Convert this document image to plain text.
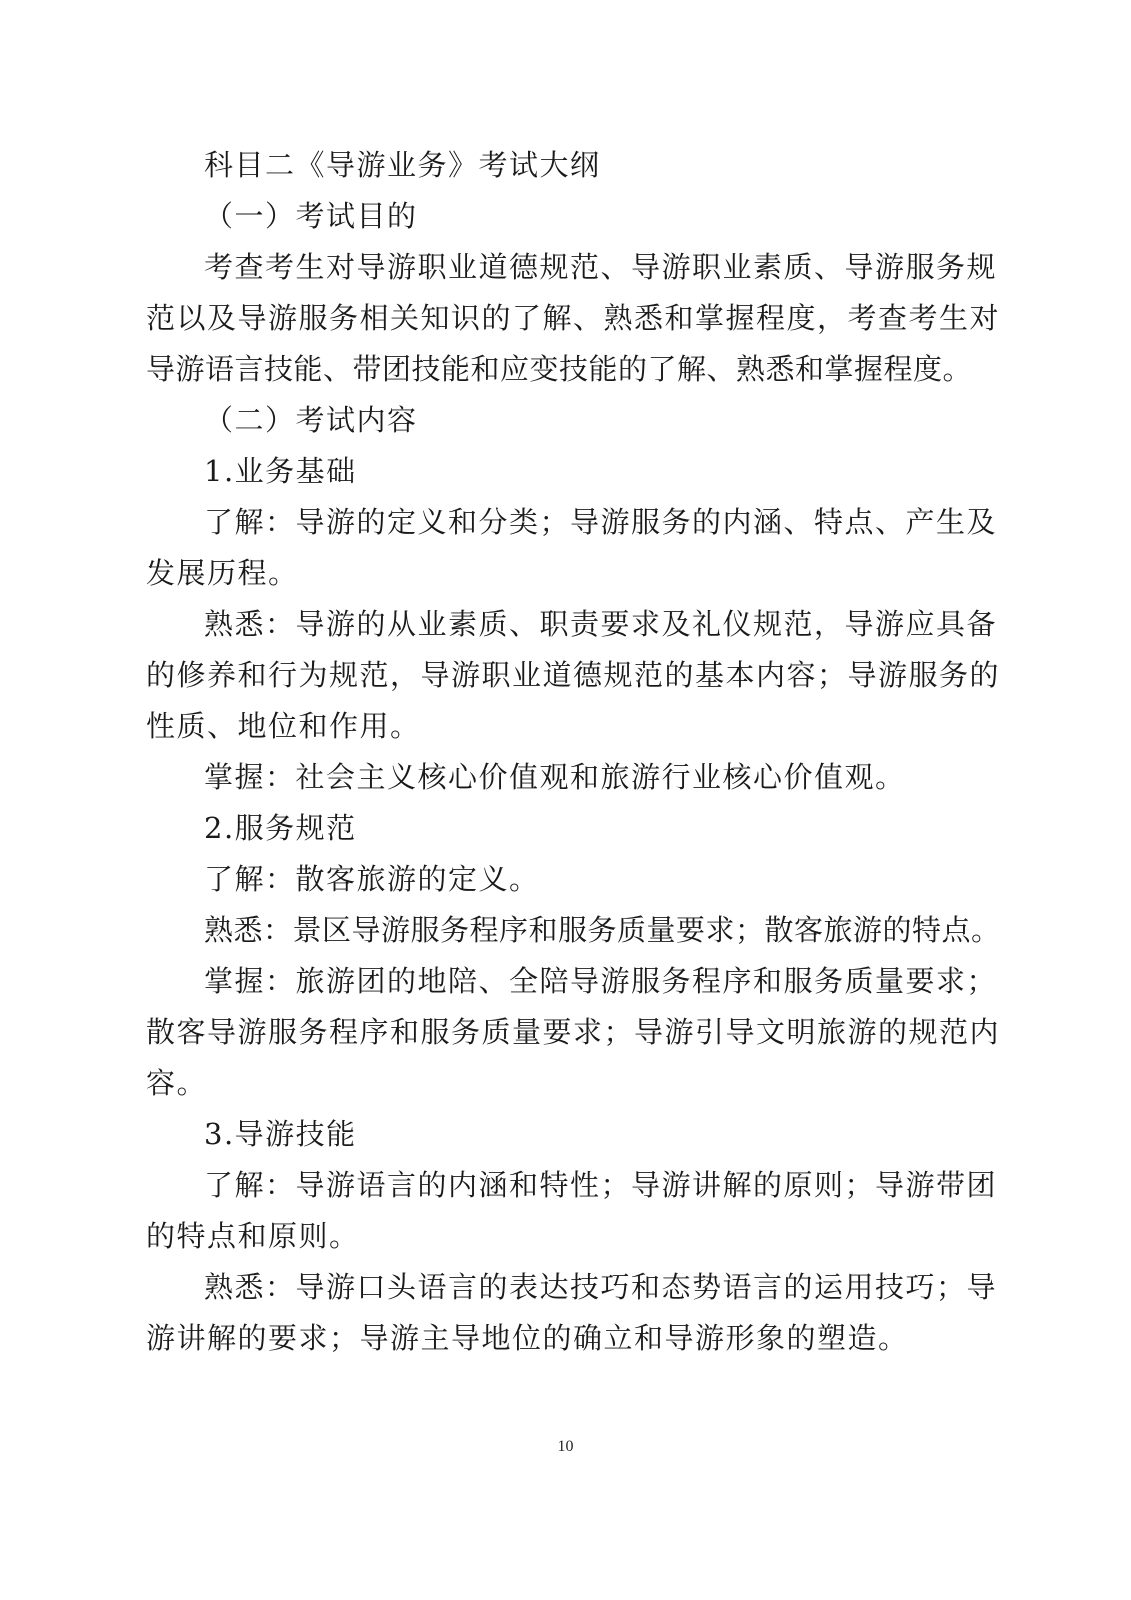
科目二《导游业务》考试大纲
（一）考试目的
考查考生对导游职业道德规范、导游职业素质、导游服务规
范以及导游服务相关知识的了解、熟悉和掌握程度，考查考生对
导游语言技能、带团技能和应变技能的了解、熟悉和掌握程度。
（二）考试内容
1.业务基础
了解：导游的定义和分类；导游服务的内涵、特点、产生及
发展历程。
熟悉：导游的从业素质、职责要求及礼仪规范，导游应具备
的修养和行为规范，导游职业道德规范的基本内容；导游服务的
性质、地位和作用。
掌握：社会主义核心价值观和旅游行业核心价值观。
2.服务规范
了解：散客旅游的定义。
熟悉：景区导游服务程序和服务质量要求；散客旅游的特点。
掌握：旅游团的地陪、全陪导游服务程序和服务质量要求；
散客导游服务程序和服务质量要求；导游引导文明旅游的规范内
容。
3.导游技能
了解：导游语言的内涵和特性；导游讲解的原则；导游带团
的特点和原则。
熟悉：导游口头语言的表达技巧和态势语言的运用技巧；导
游讲解的要求；导游主导地位的确立和导游形象的塑造。
10
